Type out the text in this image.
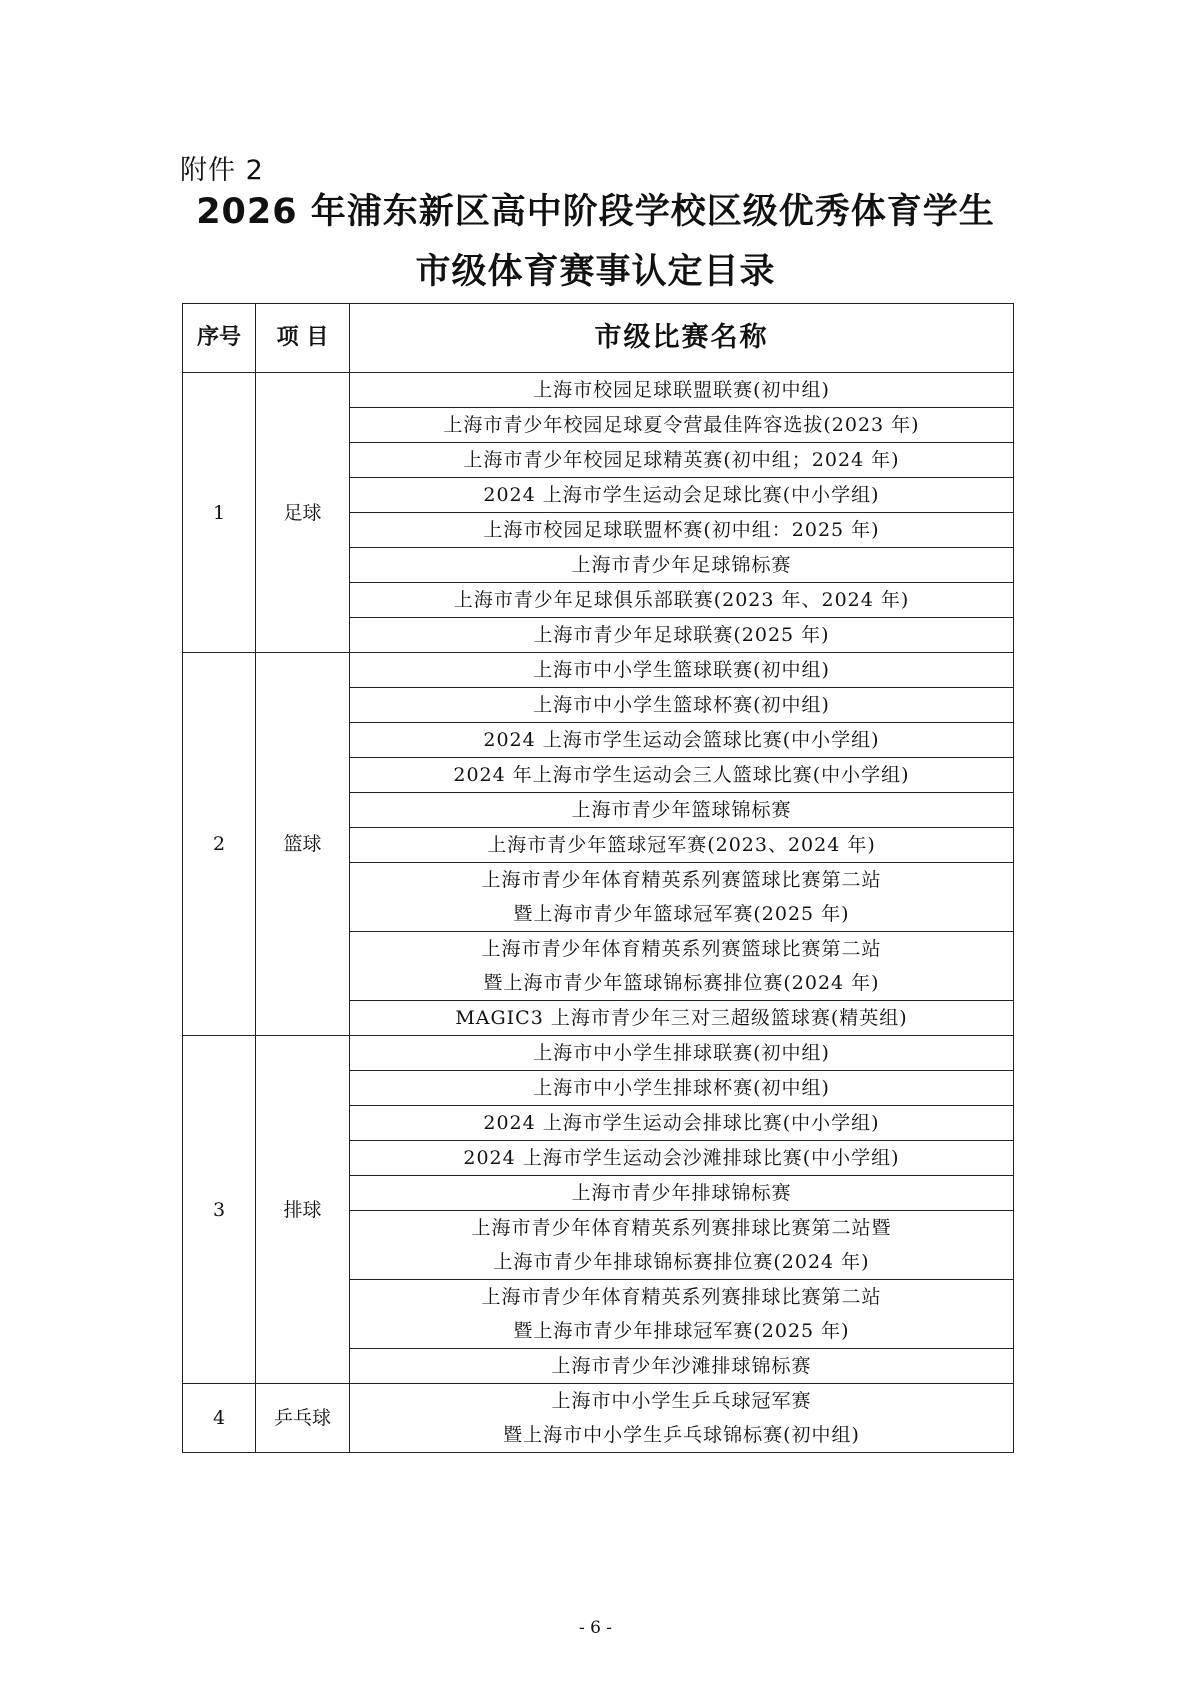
附件 2
2026 年浦东新区高中阶段学校区级优秀体育学生
市级体育赛事认定目录
序号	项 目	市级比赛名称
1	足球	上海市校园足球联盟联赛(初中组)

		上海市青少年校园足球夏令营最佳阵容选拔(2023 年)

		上海市青少年校园足球精英赛(初中组；2024 年)

		2024 上海市学生运动会足球比赛(中小学组)

		上海市校园足球联盟杯赛(初中组：2025 年)

		上海市青少年足球锦标赛

		上海市青少年足球俱乐部联赛(2023 年、2024 年)

		上海市青少年足球联赛(2025 年)

2	篮球	上海市中小学生篮球联赛(初中组)

		上海市中小学生篮球杯赛(初中组)

		2024 上海市学生运动会篮球比赛(中小学组)

		2024 年上海市学生运动会三人篮球比赛(中小学组)

		上海市青少年篮球锦标赛

		上海市青少年篮球冠军赛(2023、2024 年)

		上海市青少年体育精英系列赛篮球比赛第二站
暨上海市青少年篮球冠军赛(2025 年)

		上海市青少年体育精英系列赛篮球比赛第二站
暨上海市青少年篮球锦标赛排位赛(2024 年)

		MAGIC3 上海市青少年三对三超级篮球赛(精英组)

3	排球	上海市中小学生排球联赛(初中组)

		上海市中小学生排球杯赛(初中组)

		2024 上海市学生运动会排球比赛(中小学组)

		2024 上海市学生运动会沙滩排球比赛(中小学组)

		上海市青少年排球锦标赛

		上海市青少年体育精英系列赛排球比赛第二站暨
上海市青少年排球锦标赛排位赛(2024 年)

		上海市青少年体育精英系列赛排球比赛第二站
暨上海市青少年排球冠军赛(2025 年)

		上海市青少年沙滩排球锦标赛

4	乒乓球	上海市中小学生乒乓球冠军赛
暨上海市中小学生乒乓球锦标赛(初中组)
- 6 -
